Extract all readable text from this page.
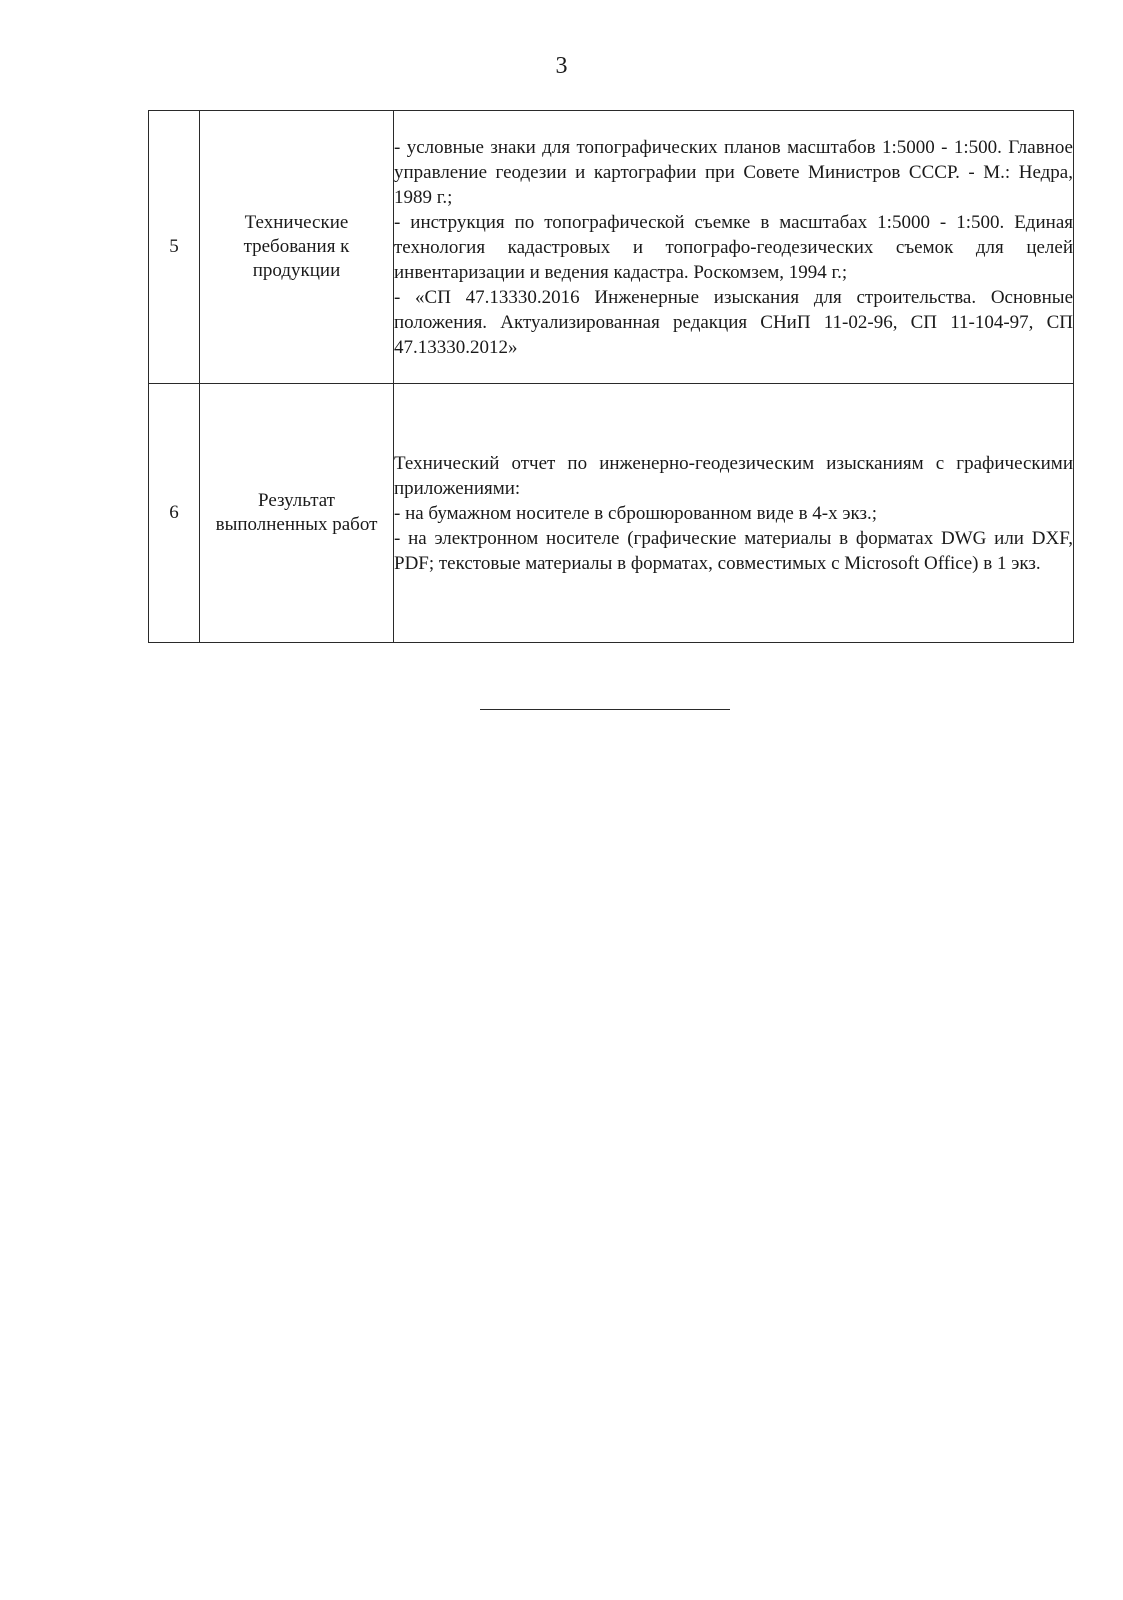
3
5	Технические требования к продукции	- условные знаки для топографических планов масштабов 1:5000 - 1:500. Главное управление геодезии и картографии при Совете Министров СССР. - М.: Недра, 1989 г.;
- инструкция по топографической съемке в масштабах 1:5000 - 1:500. Единая технология кадастровых и топографо-геодезических съемок для целей инвентаризации и ведения кадастра. Роскомзем, 1994 г.;
- «СП 47.13330.2016 Инженерные изыскания для строительства. Основные положения. Актуализированная редакция СНиП 11-02-96, СП 11-104-97, СП 47.13330.2012»

6	Результат выполненных работ	Технический отчет по инженерно-геодезическим изысканиям с графическими приложениями:
- на бумажном носителе в сброшюрованном виде в 4-х экз.;
- на электронном носителе (графические материалы в форматах DWG или DXF, PDF; текстовые материалы в форматах, совместимых с Microsoft Office) в 1 экз.
